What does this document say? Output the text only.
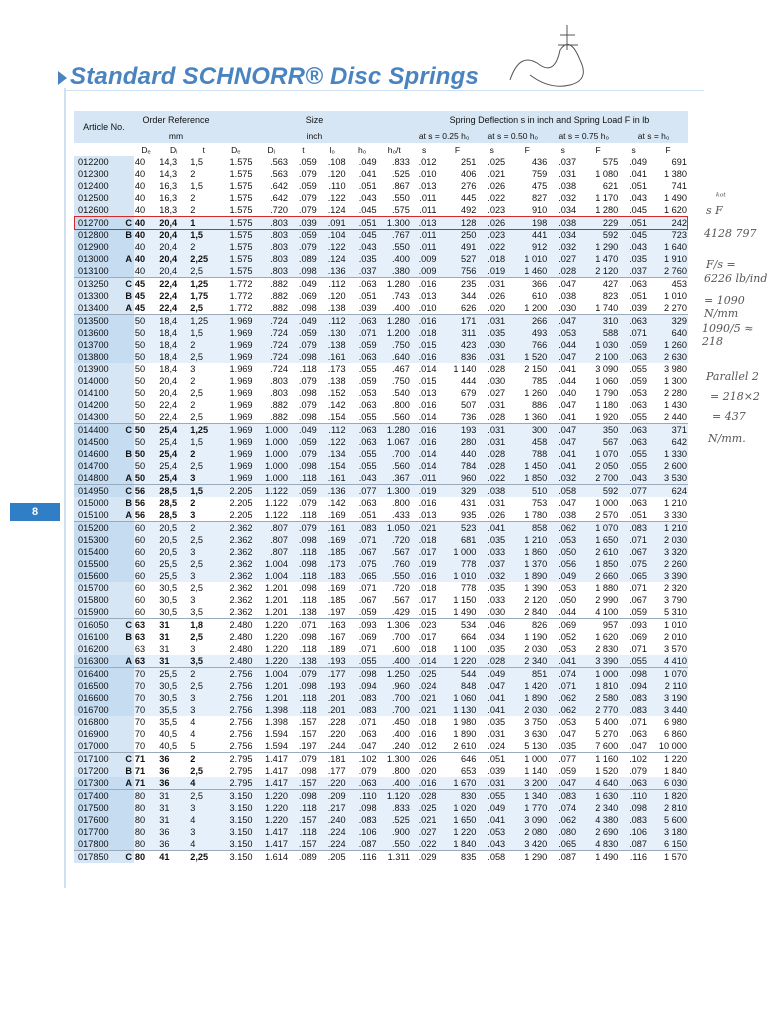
Standard SCHNORR® Disc Springs
8
Article No.		Order Reference			Size						Spring Deflection s in inch and Spring Load F in lb							
		mm			inch						at s = 0.25 h₀		at s = 0.50 h₀		at s = 0.75 h₀		at s = h₀	
		Dₑ	Dᵢ	t	Dₑ	Dᵢ	t	l₀	h₀	h₀/t	s	F	s	F	s	F	s	F
012200		40	14,3	1,5	1.575	.563	.059	.108	.049	.833	.012	251	.025	436	.037	575	.049	691
012300		40	14,3	2	1.575	.563	.079	.120	.041	.525	.010	406	.021	759	.031	1 080	.041	1 380
012400		40	16,3	1,5	1.575	.642	.059	.110	.051	.867	.013	276	.026	475	.038	621	.051	741
012500		40	16,3	2	1.575	.642	.079	.122	.043	.550	.011	445	.022	827	.032	1 170	.043	1 490
012600		40	18,3	2	1.575	.720	.079	.124	.045	.575	.011	492	.023	910	.034	1 280	.045	1 620
012700	C	40	20,4	1	1.575	.803	.039	.091	.051	1.300	.013	128	.026	198	.038	229	.051	242
012800	B	40	20,4	1,5	1.575	.803	.059	.104	.045	.767	.011	250	.023	441	.034	592	.045	723
012900		40	20,4	2	1.575	.803	.079	.122	.043	.550	.011	491	.022	912	.032	1 290	.043	1 640
013000	A	40	20,4	2,25	1.575	.803	.089	.124	.035	.400	.009	527	.018	1 010	.027	1 470	.035	1 910
013100		40	20,4	2,5	1.575	.803	.098	.136	.037	.380	.009	756	.019	1 460	.028	2 120	.037	2 760
013250	C	45	22,4	1,25	1.772	.882	.049	.112	.063	1.280	.016	235	.031	366	.047	427	.063	453
013300	B	45	22,4	1,75	1.772	.882	.069	.120	.051	.743	.013	344	.026	610	.038	823	.051	1 010
013400	A	45	22,4	2,5	1.772	.882	.098	.138	.039	.400	.010	626	.020	1 200	.030	1 740	.039	2 270
013500		50	18,4	1,25	1.969	.724	.049	.112	.063	1.280	.016	171	.031	266	.047	310	.063	329
013600		50	18,4	1,5	1.969	.724	.059	.130	.071	1.200	.018	311	.035	493	.053	588	.071	640
013700		50	18,4	2	1.969	.724	.079	.138	.059	.750	.015	423	.030	766	.044	1 030	.059	1 260
013800		50	18,4	2,5	1.969	.724	.098	.161	.063	.640	.016	836	.031	1 520	.047	2 100	.063	2 630
013900		50	18,4	3	1.969	.724	.118	.173	.055	.467	.014	1 140	.028	2 150	.041	3 090	.055	3 980
014000		50	20,4	2	1.969	.803	.079	.138	.059	.750	.015	444	.030	785	.044	1 060	.059	1 300
014100		50	20,4	2,5	1.969	.803	.098	.152	.053	.540	.013	679	.027	1 260	.040	1 790	.053	2 280
014200		50	22,4	2	1.969	.882	.079	.142	.063	.800	.016	507	.031	886	.047	1 180	.063	1 430
014300		50	22,4	2,5	1.969	.882	.098	.154	.055	.560	.014	736	.028	1 360	.041	1 920	.055	2 440
014400	C	50	25,4	1,25	1.969	1.000	.049	.112	.063	1.280	.016	193	.031	300	.047	350	.063	371
014500		50	25,4	1,5	1.969	1.000	.059	.122	.063	1.067	.016	280	.031	458	.047	567	.063	642
014600	B	50	25,4	2	1.969	1.000	.079	.134	.055	.700	.014	440	.028	788	.041	1 070	.055	1 330
014700		50	25,4	2,5	1.969	1.000	.098	.154	.055	.560	.014	784	.028	1 450	.041	2 050	.055	2 600
014800	A	50	25,4	3	1.969	1.000	.118	.161	.043	.367	.011	960	.022	1 850	.032	2 700	.043	3 530
014950	C	56	28,5	1,5	2.205	1.122	.059	.136	.077	1.300	.019	329	.038	510	.058	592	.077	624
015000	B	56	28,5	2	2.205	1.122	.079	.142	.063	.800	.016	431	.031	753	.047	1 000	.063	1 210
015100	A	56	28,5	3	2.205	1.122	.118	.169	.051	.433	.013	935	.026	1 780	.038	2 570	.051	3 330
015200		60	20,5	2	2.362	.807	.079	.161	.083	1.050	.021	523	.041	858	.062	1 070	.083	1 210
015300		60	20,5	2,5	2.362	.807	.098	.169	.071	.720	.018	681	.035	1 210	.053	1 650	.071	2 030
015400		60	20,5	3	2.362	.807	.118	.185	.067	.567	.017	1 000	.033	1 860	.050	2 610	.067	3 320
015500		60	25,5	2,5	2.362	1.004	.098	.173	.075	.760	.019	778	.037	1 370	.056	1 850	.075	2 260
015600		60	25,5	3	2.362	1.004	.118	.183	.065	.550	.016	1 010	.032	1 890	.049	2 660	.065	3 390
015700		60	30,5	2,5	2.362	1.201	.098	.169	.071	.720	.018	778	.035	1 390	.053	1 880	.071	2 320
015800		60	30,5	3	2.362	1.201	.118	.185	.067	.567	.017	1 150	.033	2 120	.050	2 990	.067	3 790
015900		60	30,5	3,5	2.362	1.201	.138	.197	.059	.429	.015	1 490	.030	2 840	.044	4 100	.059	5 310
016050	C	63	31	1,8	2.480	1.220	.071	.163	.093	1.306	.023	534	.046	826	.069	957	.093	1 010
016100	B	63	31	2,5	2.480	1.220	.098	.167	.069	.700	.017	664	.034	1 190	.052	1 620	.069	2 010
016200		63	31	3	2.480	1.220	.118	.189	.071	.600	.018	1 100	.035	2 030	.053	2 830	.071	3 570
016300	A	63	31	3,5	2.480	1.220	.138	.193	.055	.400	.014	1 220	.028	2 340	.041	3 390	.055	4 410
016400		70	25,5	2	2.756	1.004	.079	.177	.098	1.250	.025	544	.049	851	.074	1 000	.098	1 070
016500		70	30,5	2,5	2.756	1.201	.098	.193	.094	.960	.024	848	.047	1 420	.071	1 810	.094	2 110
016600		70	30,5	3	2.756	1.201	.118	.201	.083	.700	.021	1 060	.041	1 890	.062	2 580	.083	3 190
016700		70	35,5	3	2.756	1.398	.118	.201	.083	.700	.021	1 130	.041	2 030	.062	2 770	.083	3 440
016800		70	35,5	4	2.756	1.398	.157	.228	.071	.450	.018	1 980	.035	3 750	.053	5 400	.071	6 980
016900		70	40,5	4	2.756	1.594	.157	.220	.063	.400	.016	1 890	.031	3 630	.047	5 270	.063	6 860
017000		70	40,5	5	2.756	1.594	.197	.244	.047	.240	.012	2 610	.024	5 130	.035	7 600	.047	10 000
017100	C	71	36	2	2.795	1.417	.079	.181	.102	1.300	.026	646	.051	1 000	.077	1 160	.102	1 220
017200	B	71	36	2,5	2.795	1.417	.098	.177	.079	.800	.020	653	.039	1 140	.059	1 520	.079	1 840
017300	A	71	36	4	2.795	1.417	.157	.220	.063	.400	.016	1 670	.031	3 200	.047	4 640	.063	6 030
017400		80	31	2,5	3.150	1.220	.098	.209	.110	1.120	.028	830	.055	1 340	.083	1 630	.110	1 820
017500		80	31	3	3.150	1.220	.118	.217	.098	.833	.025	1 020	.049	1 770	.074	2 340	.098	2 810
017600		80	31	4	3.150	1.220	.157	.240	.083	.525	.021	1 650	.041	3 090	.062	4 380	.083	5 600
017700		80	36	3	3.150	1.417	.118	.224	.106	.900	.027	1 220	.053	2 080	.080	2 690	.106	3 180
017800		80	36	4	3.150	1.417	.157	.224	.087	.550	.022	1 840	.043	3 420	.065	4 830	.087	6 150
017850	C	80	41	2,25	3.150	1.614	.089	.205	.116	1.311	.029	835	.058	1 290	.087	1 490	.116	1 570
ᵏᵒᵗ
s F
4128 797
F/s =
6226 lb/ind
= 1090 N/mm
1090/5 ≈ 218
Parallel 2
= 218×2
= 437
N/mm.
